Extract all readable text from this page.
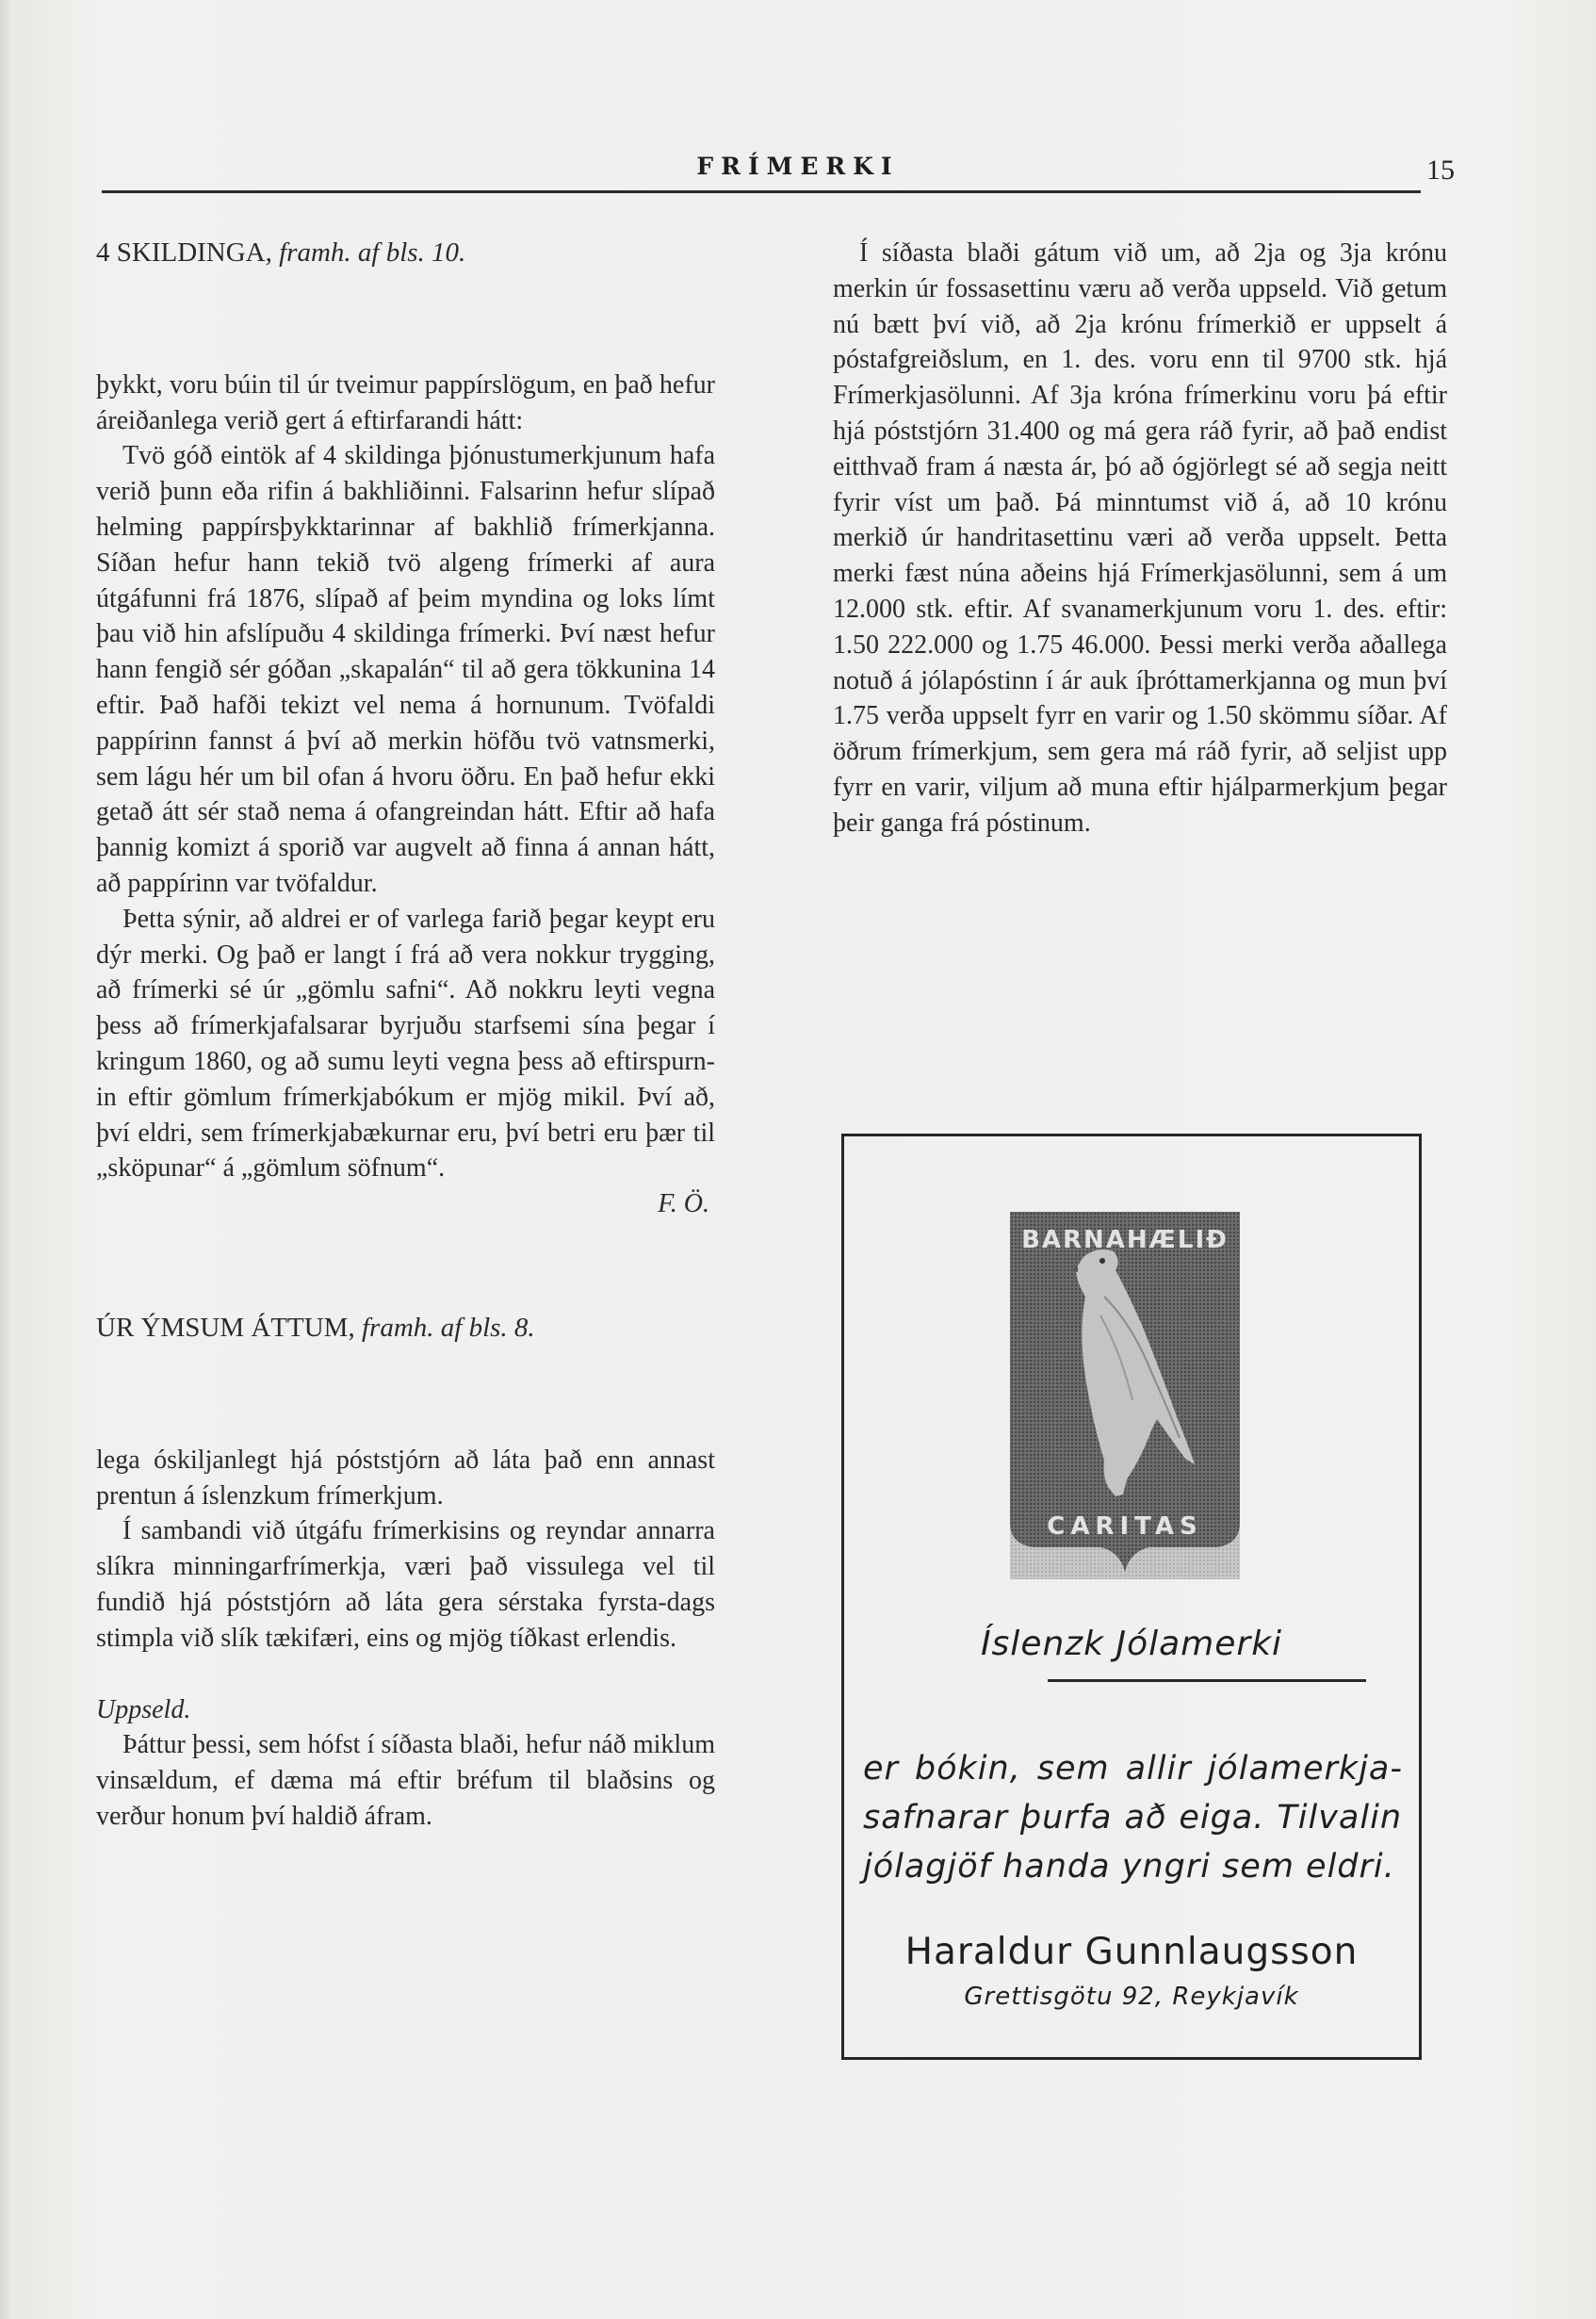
FRÍMERKI	15

4 SKILDINGA, framh. af bls. 10.

þykkt, voru búin til úr tveimur pappírslögum, en það hefur áreiðanlega verið gert á eftirfarandi hátt:

Tvö góð eintök af 4 skildinga þjónustumerkjunum hafa verið þunn eða rifin á bakhliðinni. Falsarinn hefur slípað helming pappírsþykktarinnar af bakhlið frímerkjanna. Síðan hefur hann tekið tvö algeng frímerki af aura útgáfunni frá 1876, slípað af þeim myndina og loks límt þau við hin afslípuðu 4 skildinga frímerki. Því næst hefur hann fengið sér góðan „skapalán“ til að gera tökkunina 14 eftir. Það hafði tekizt vel nema á hornunum. Tvöfaldi pappírinn fannst á því að merkin höfðu tvö vatnsmerki, sem lágu hér um bil ofan á hvoru öðru. En það hefur ekki getað átt sér stað nema á ofangreindan hátt. Eftir að hafa þannig komizt á sporið var augvelt að finna á annan hátt, að pappírinn var tvöfaldur.

Þetta sýnir, að aldrei er of varlega farið þegar keypt eru dýr merki. Og það er langt í frá að vera nokkur trygging, að frímerki sé úr „gömlu safni“. Að nokkru leyti vegna þess að frímerkjafalsarar byrjuðu starfsemi sína þegar í kringum 1860, og að sumu leyti vegna þess að eftirspurnin eftir gömlum frímerkjabókum er mjög mikil. Því að, því eldri, sem frímerkjabækurnar eru, því betri eru þær til „sköpunar“ á „gömlum söfnum“.

F. Ö.

ÚR ÝMSUM ÁTTUM, framh. af bls. 8.

lega óskiljanlegt hjá póststjórn að láta það enn annast prentun á íslenzkum frímerkjum.

Í sambandi við útgáfu frímerkisins og reyndar annarra slíkra minningarfrímerkja, væri það vissulega vel til fundið hjá póststjórn að láta gera sérstaka fyrsta-dags stimpla við slík tækifæri, eins og mjög tíðkast erlendis.

Uppseld.

Þáttur þessi, sem hófst í síðasta blaði, hefur náð miklum vinsældum, ef dæma má eftir bréfum til blaðsins og verður honum því haldið áfram.

Í síðasta blaði gátum við um, að 2ja og 3ja krónu merkin úr fossasettinu væru að verða uppseld. Við getum nú bætt því við, að 2ja krónu frímerkið er uppselt á póstafgreiðslum, en 1. des. voru enn til 9700 stk. hjá Frímerkjasölunni. Af 3ja króna frímerkinu voru þá eftir hjá póststjórn 31.400 og má gera ráð fyrir, að það endist eitthvað fram á næsta ár, þó að ógjörlegt sé að segja neitt fyrir víst um það. Þá minntumst við á, að 10 krónu merkið úr handritasettinu væri að verða uppselt. Þetta merki fæst núna aðeins hjá Frímerkjasölunni, sem á um 12.000 stk. eftir. Af svanamerkjunum voru 1. des. eftir: 1.50 222.000 og 1.75 46.000. Þessi merki verða aðallega notuð á jólapóstinn í ár auk íþróttamerkjanna og mun því 1.75 verða uppselt fyrr en varir og 1.50 skömmu síðar. Af öðrum frímerkjum, sem gera má ráð fyrir, að seljist upp fyrr en varir, viljum að muna eftir hjálparmerkjum þegar þeir ganga frá póstinum.

BARNAHÆLIÐ
CARITAS
Íslenzk Jólamerki
er bókin, sem allir jólamerkjasafnarar þurfa að eiga. Tilvalin jólagjöf handa yngri sem eldri.
Haraldur Gunnlaugsson
Grettisgötu 92, Reykjavík
